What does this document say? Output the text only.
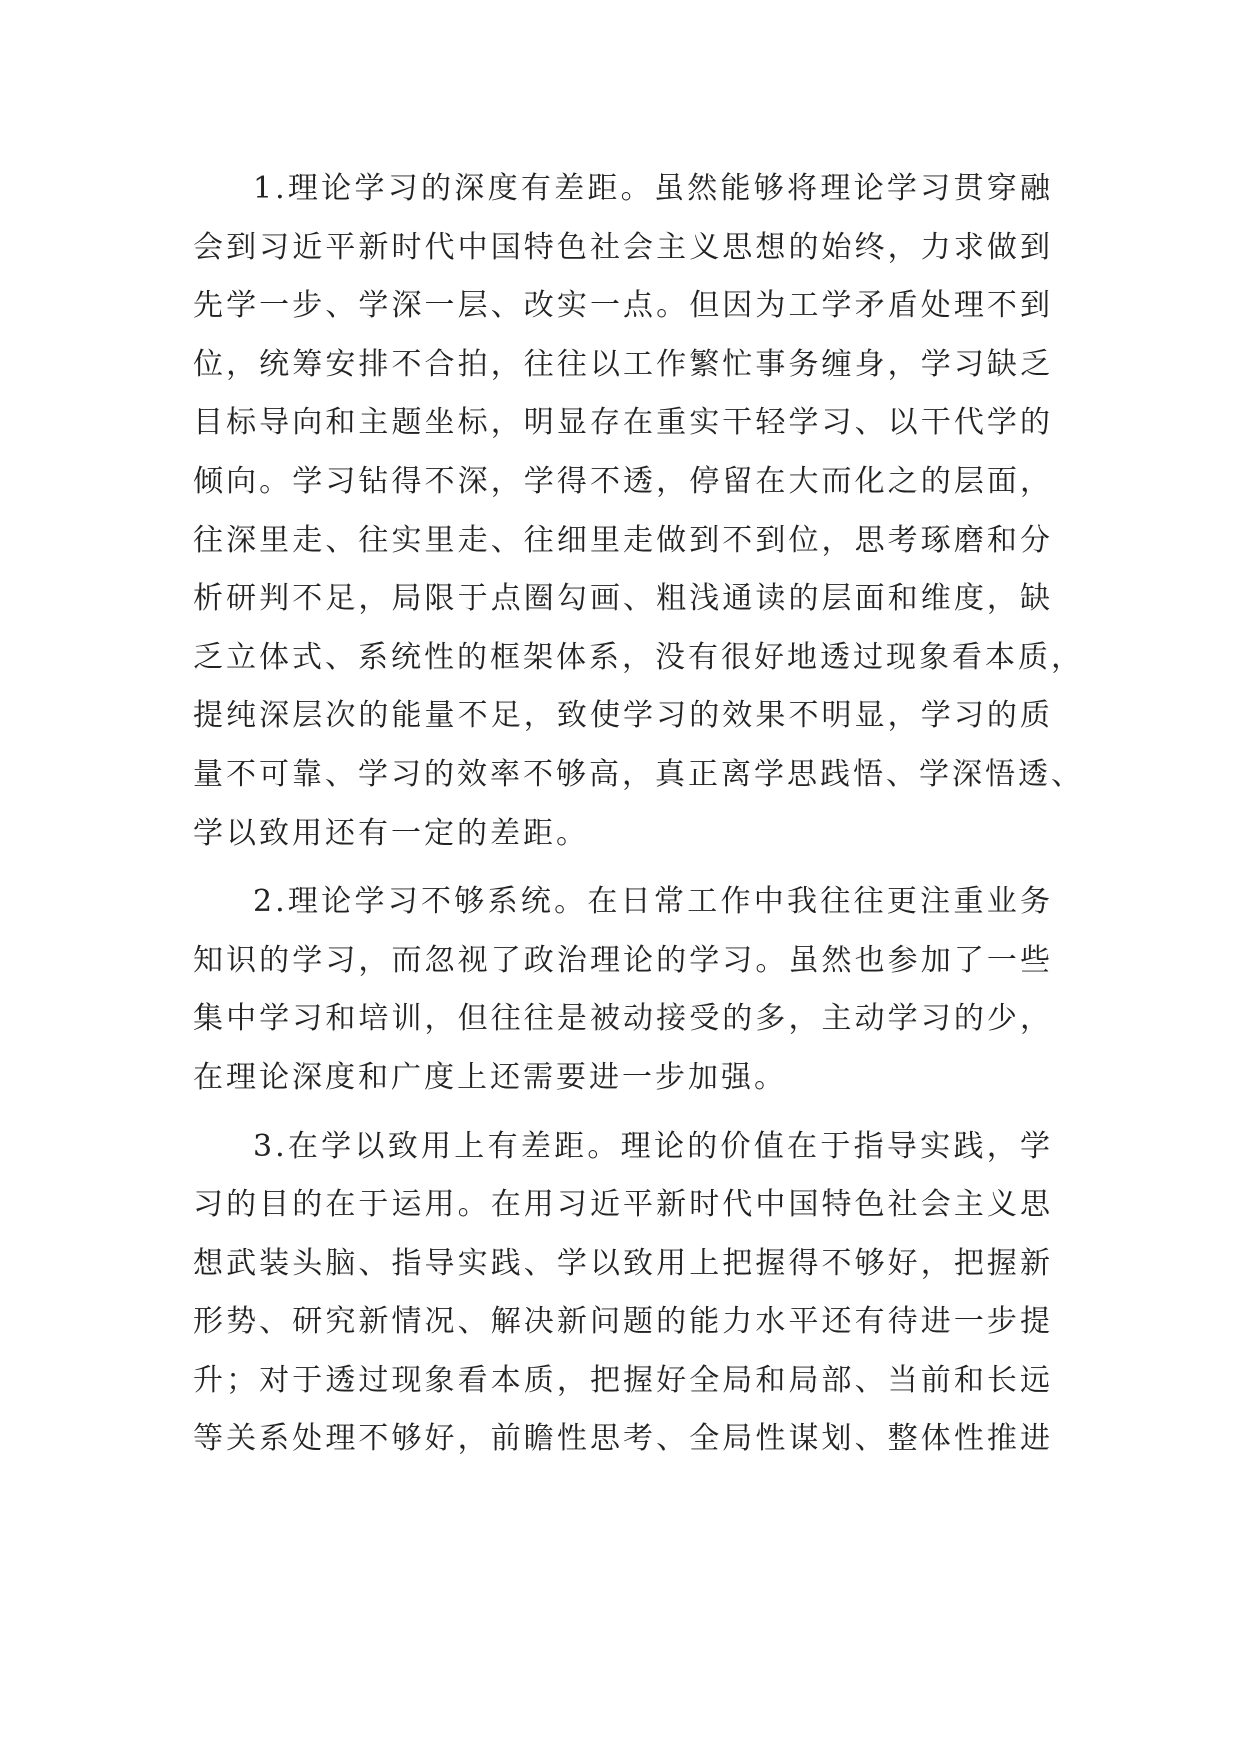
1.理论学习的深度有差距。虽然能够将理论学习贯穿融
会到习近平新时代中国特色社会主义思想的始终，力求做到
先学一步、学深一层、改实一点。但因为工学矛盾处理不到
位，统筹安排不合拍，往往以工作繁忙事务缠身，学习缺乏
目标导向和主题坐标，明显存在重实干轻学习、以干代学的
倾向。学习钻得不深，学得不透，停留在大而化之的层面，
往深里走、往实里走、往细里走做到不到位，思考琢磨和分
析研判不足，局限于点圈勾画、粗浅通读的层面和维度，缺
乏立体式、系统性的框架体系，没有很好地透过现象看本质，
提纯深层次的能量不足，致使学习的效果不明显，学习的质
量不可靠、学习的效率不够高，真正离学思践悟、学深悟透、
学以致用还有一定的差距。

2.理论学习不够系统。在日常工作中我往往更注重业务
知识的学习，而忽视了政治理论的学习。虽然也参加了一些
集中学习和培训，但往往是被动接受的多，主动学习的少，
在理论深度和广度上还需要进一步加强。

3.在学以致用上有差距。理论的价值在于指导实践，学
习的目的在于运用。在用习近平新时代中国特色社会主义思
想武装头脑、指导实践、学以致用上把握得不够好，把握新
形势、研究新情况、解决新问题的能力水平还有待进一步提
升；对于透过现象看本质，把握好全局和局部、当前和长远
等关系处理不够好，前瞻性思考、全局性谋划、整体性推进
